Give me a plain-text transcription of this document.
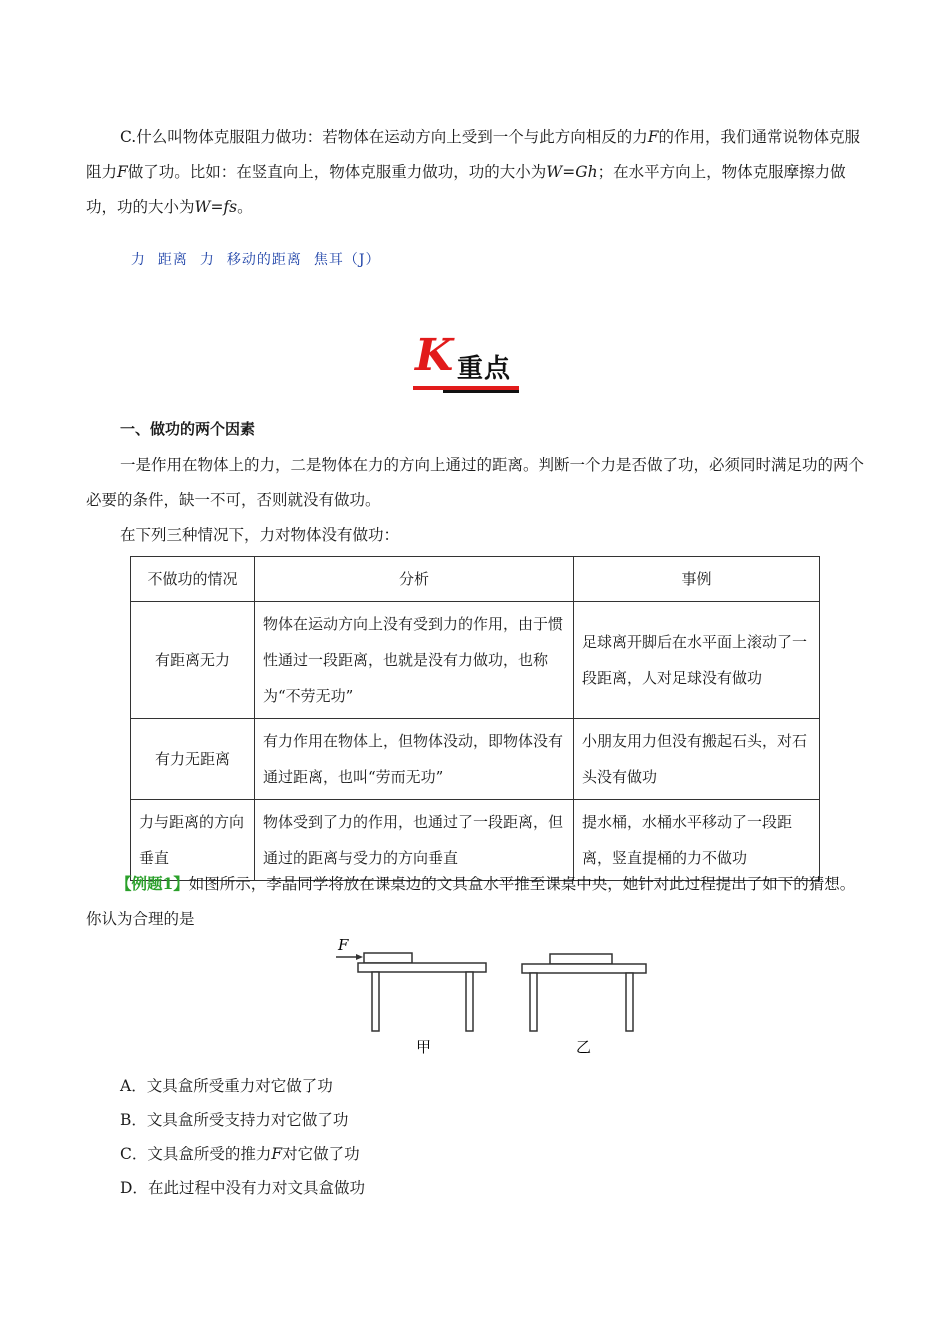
C.什么叫物体克服阻力做功：若物体在运动方向上受到一个与此方向相反的力F的作用，我们通常说物体克服阻力F做了功。比如：在竖直向上，物体克服重力做功，功的大小为W=Gh；在水平方向上，物体克服摩擦力做功，功的大小为W=fs。

力 距离 力 移动的距离 焦耳（J）

K 重点
一、做功的两个因素
一是作用在物体上的力，二是物体在力的方向上通过的距离。判断一个力是否做了功，必须同时满足功的两个必要的条件，缺一不可，否则就没有做功。
在下列三种情况下，力对物体没有做功：
不做功的情况	分析	事例
有距离无力	物体在运动方向上没有受到力的作用，由于惯性通过一段距离，也就是没有力做功，也称为“不劳无功”	足球离开脚后在水平面上滚动了一段距离，人对足球没有做功
有力无距离	有力作用在物体上，但物体没动，即物体没有通过距离，也叫“劳而无功”	小朋友用力但没有搬起石头，对石头没有做功
力与距离的方向垂直	物体受到了力的作用，也通过了一段距离，但通过的距离与受力的方向垂直	提水桶，水桶水平移动了一段距离，竖直提桶的力不做功
【例题1】如图所示，李晶同学将放在课桌边的文具盒水平推至课桌中央，她针对此过程提出了如下的猜想。你认为合理的是
F
甲	乙
A．文具盒所受重力对它做了功
B．文具盒所受支持力对它做了功
C．文具盒所受的推力F对它做了功
D．在此过程中没有力对文具盒做功
